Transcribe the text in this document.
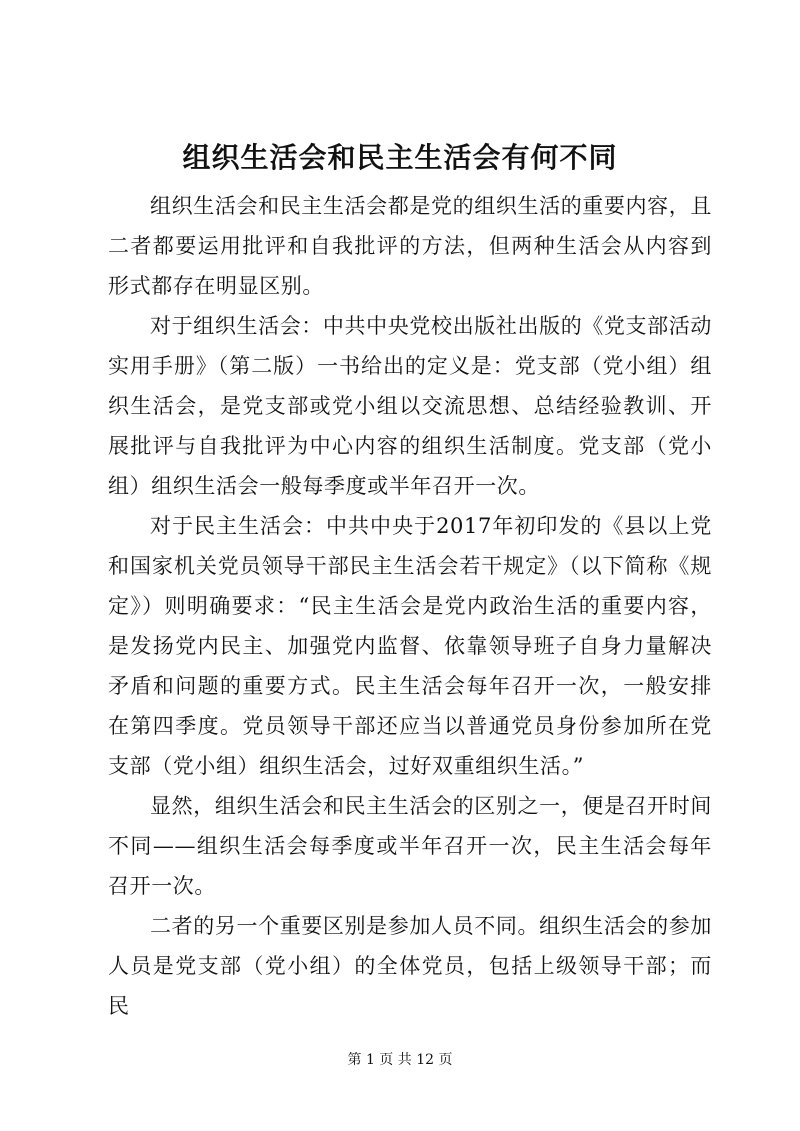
组织生活会和民主生活会有何不同

组织生活会和民主生活会都是党的组织生活的重要内容，且二者都要运用批评和自我批评的方法，但两种生活会从内容到形式都存在明显区别。

对于组织生活会：中共中央党校出版社出版的《党支部活动实用手册》（第二版）一书给出的定义是：党支部（党小组）组织生活会，是党支部或党小组以交流思想、总结经验教训、开展批评与自我批评为中心内容的组织生活制度。党支部（党小组）组织生活会一般每季度或半年召开一次。

对于民主生活会：中共中央于2017年初印发的《县以上党和国家机关党员领导干部民主生活会若干规定》（以下简称《规定》）则明确要求：“民主生活会是党内政治生活的重要内容，是发扬党内民主、加强党内监督、依靠领导班子自身力量解决矛盾和问题的重要方式。民主生活会每年召开一次，一般安排在第四季度。党员领导干部还应当以普通党员身份参加所在党支部（党小组）组织生活会，过好双重组织生活。”

显然，组织生活会和民主生活会的区别之一，便是召开时间不同——组织生活会每季度或半年召开一次，民主生活会每年召开一次。

二者的另一个重要区别是参加人员不同。组织生活会的参加人员是党支部（党小组）的全体党员，包括上级领导干部；而民

第 1 页 共 12 页
